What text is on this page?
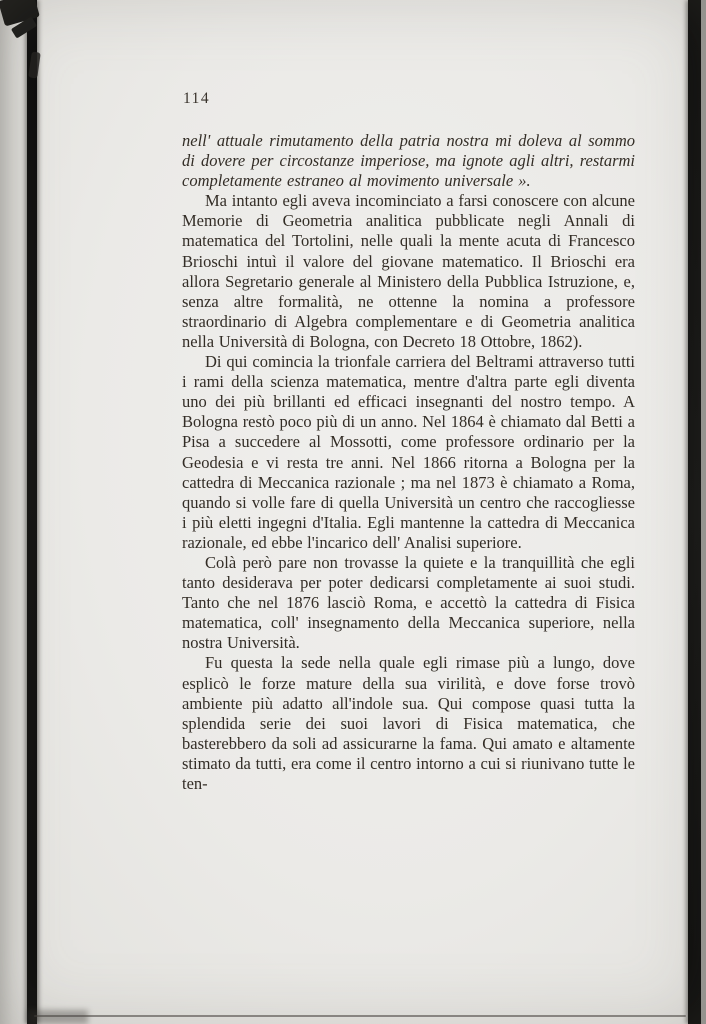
114

nell' attuale rimutamento della patria nostra mi doleva al sommo di dovere per circostanze imperiose, ma ignote agli altri, restarmi completamente estraneo al movimento universale ».

Ma intanto egli aveva incominciato a farsi conoscere con alcune Memorie di Geometria analitica pubblicate negli Annali di matematica del Tortolini, nelle quali la mente acuta di Francesco Brioschi intuì il valore del giovane matematico. Il Brioschi era allora Segretario generale al Ministero della Pubblica Istruzione, e, senza altre formalità, ne ottenne la nomina a professore straordinario di Algebra complementare e di Geometria analitica nella Università di Bologna, con Decreto 18 Ottobre, 1862).

Di qui comincia la trionfale carriera del Beltrami attraverso tutti i rami della scienza matematica, mentre d'altra parte egli diventa uno dei più brillanti ed efficaci insegnanti del nostro tempo. A Bologna restò poco più di un anno. Nel 1864 è chiamato dal Betti a Pisa a succedere al Mossotti, come professore ordinario per la Geodesia e vi resta tre anni. Nel 1866 ritorna a Bologna per la cattedra di Meccanica razionale ; ma nel 1873 è chiamato a Roma, quando si volle fare di quella Università un centro che raccogliesse i più eletti ingegni d'Italia. Egli mantenne la cattedra di Meccanica razionale, ed ebbe l'incarico dell' Analisi superiore.

Colà però pare non trovasse la quiete e la tranquillità che egli tanto desiderava per poter dedicarsi completamente ai suoi studi. Tanto che nel 1876 lasciò Roma, e accettò la cattedra di Fisica matematica, coll' insegnamento della Meccanica superiore, nella nostra Università.

Fu questa la sede nella quale egli rimase più a lungo, dove esplicò le forze mature della sua virilità, e dove forse trovò ambiente più adatto all'indole sua. Qui compose quasi tutta la splendida serie dei suoi lavori di Fisica matematica, che basterebbero da soli ad assicurarne la fama. Qui amato e altamente stimato da tutti, era come il centro intorno a cui si riunivano tutte le ten-
